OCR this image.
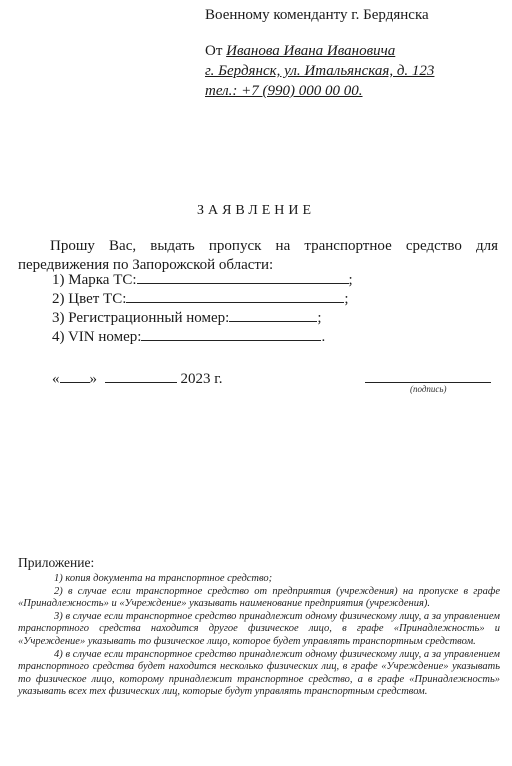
Военному коменданту г. Бердянска
От Иванова Ивана Ивановича
г. Бердянск, ул. Итальянская, д. 123
тел.: +7 (990) 000 00 00.
ЗАЯВЛЕНИЕ
Прошу Вас, выдать пропуск на транспортное средство для передвижения по Запорожской области:
1) Марка ТС:	;
2) Цвет ТС:	;
3) Регистрационный номер:	;
4) VIN номер:	.
« »	2023 г.
(подпись)
Приложение:

1) копия документа на транспортное средство;

2) в случае если транспортное средство от предприятия (учреждения) на пропуске в графе «Принадлежность» и «Учреждение» указывать наименование предприятия (учреждения).

3) в случае если транспортное средство принадлежит одному физическому лицу, а за управлением транспортного средства находится другое физическое лицо, в графе «Принадлежность» и «Учреждение» указывать то физическое лицо, которое будет управлять транспортным средством.

4) в случае если транспортное средство принадлежит одному физическому лицу, а за управлением транспортного средства будет находится несколько физических лиц, в графе «Учреждение» указывать то физическое лицо, которому принадлежит транспортное средство, а в графе «Принадлежность» указывать всех тех физических лиц, которые будут управлять транспортным средством.
